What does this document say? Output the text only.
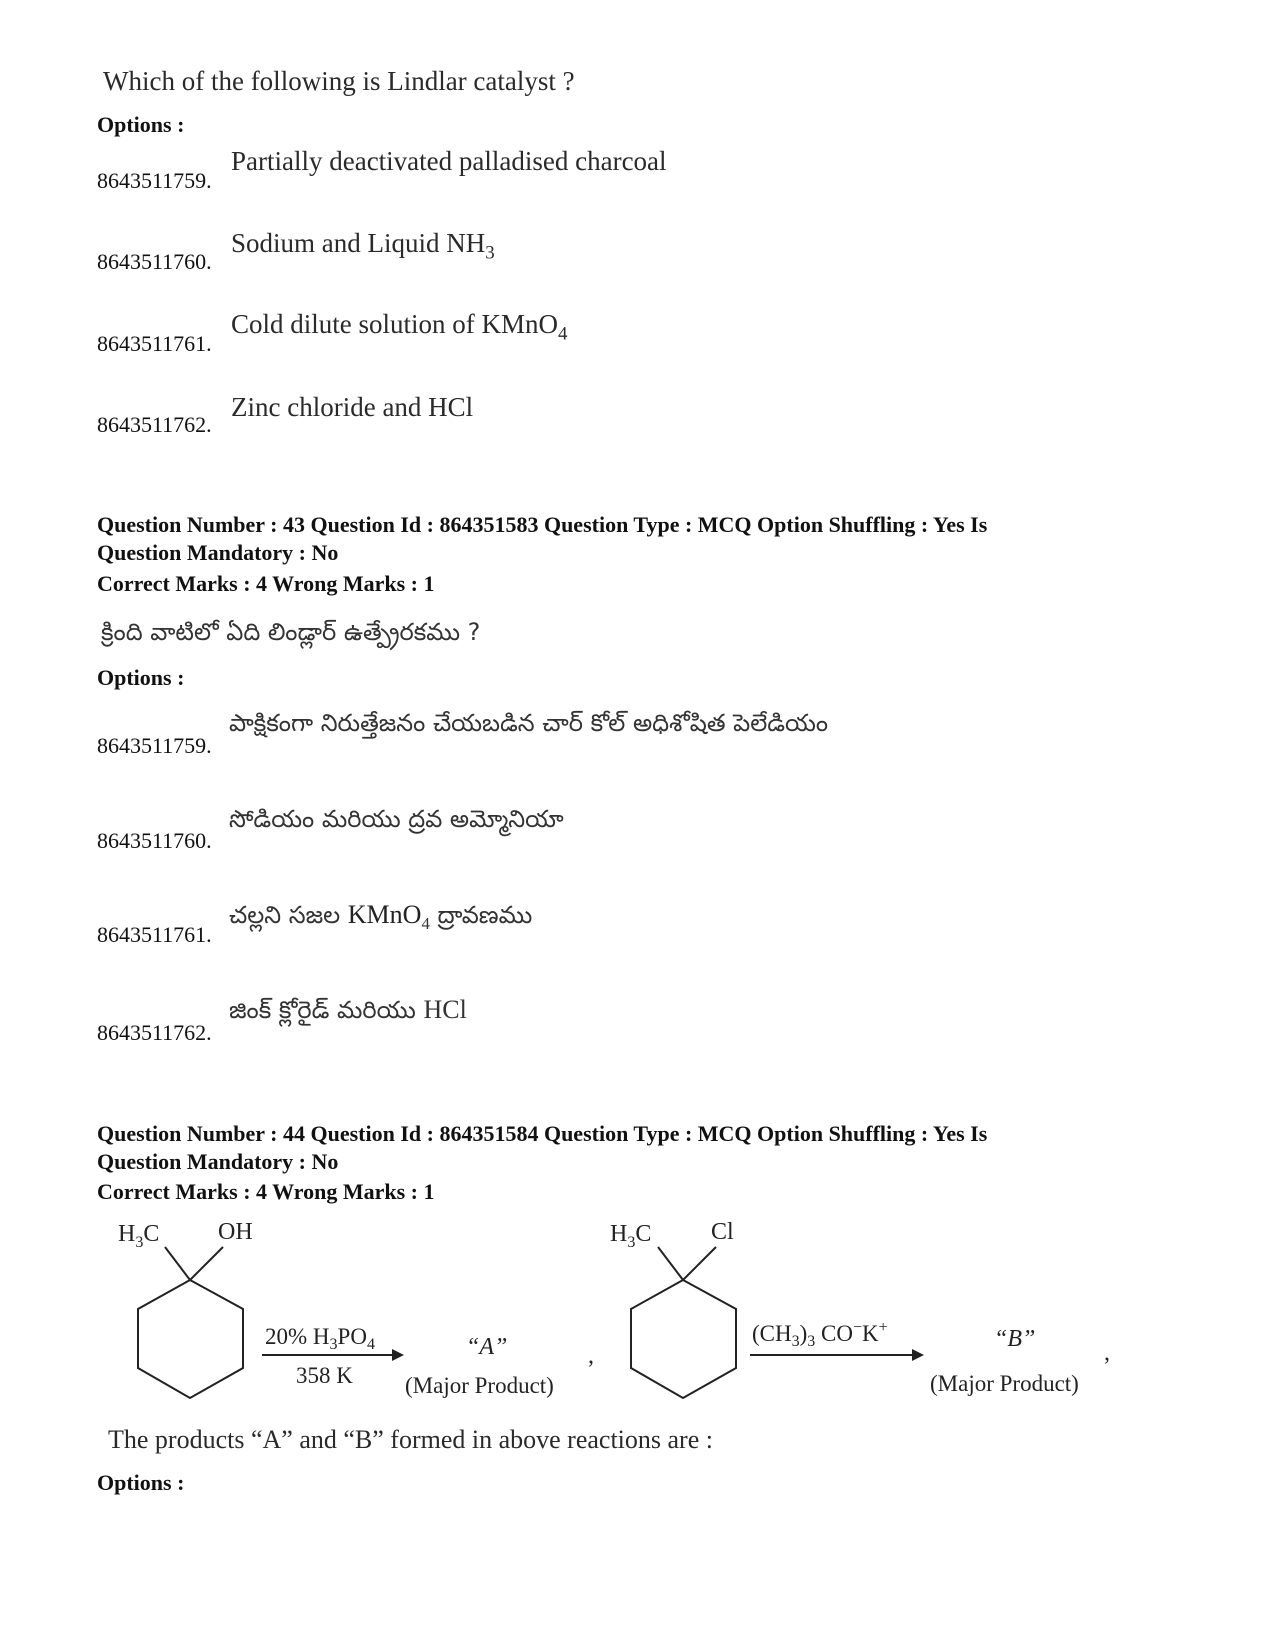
Which of the following is Lindlar catalyst ?
Options :
8643511759.
Partially deactivated palladised charcoal
8643511760.
Sodium and Liquid $NH_3$
8643511761.
Cold dilute solution of KMnO$_4$
8643511762.
Zinc chloride and HCl
Question Number : 43 Question Id : 864351583 Question Type : MCQ Option Shuffling : Yes Is
Question Mandatory : No
Correct Marks : 4 Wrong Marks : 1
క్రింది వాటిలో ఏది లిండ్లార్ ఉత్ప్రేరకము ?
Options :
8643511759.
పాక్షికంగా నిరుత్తేజనం చేయబడిన చార్ కోల్ అధిశోషిత పెలేడియం
8643511760.
సోడియం మరియు ద్రవ అమ్మోనియా
8643511761.
చల్లని సజల KMnO$_4$ ద్రావణము
8643511762.
జింక్ క్లోరైడ్ మరియు HCl
Question Number : 44 Question Id : 864351584 Question Type : MCQ Option Shuffling : Yes Is
Question Mandatory : No
Correct Marks : 4 Wrong Marks : 1
$H_3C$ OH
20% $H_3PO_4$
358 K
“A”
(Major Product)
,
$H_3C$ Cl
$(CH_3)_3$ CO−K+	“B”
(Major Product)
,
The products “A” and “B” formed in above reactions are :
Options :
